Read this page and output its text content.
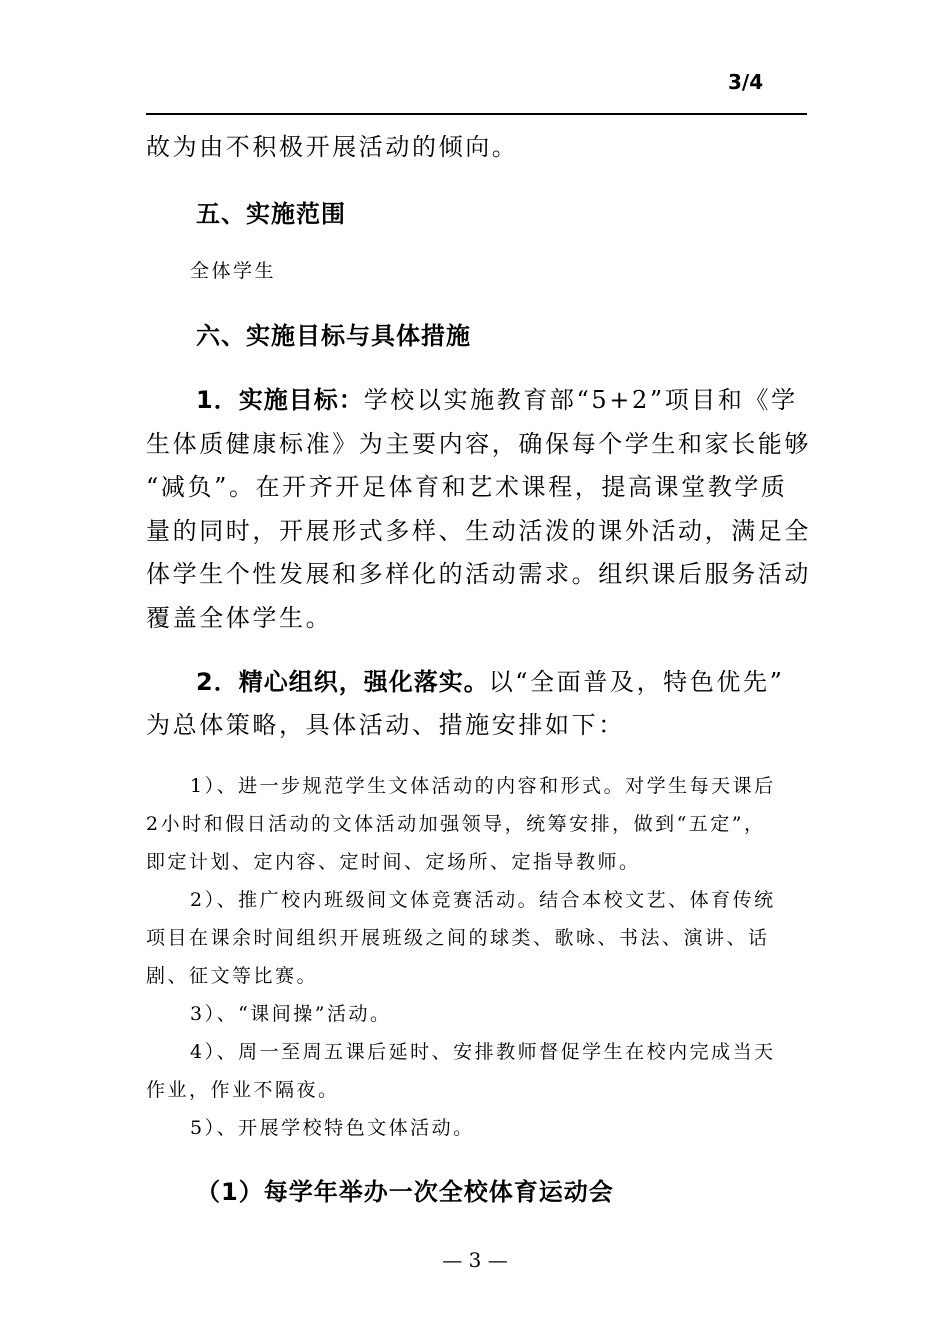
3/4
故为由不积极开展活动的倾向。
五、实施范围
全体学生
六、实施目标与具体措施
1．实施目标：学校以实施教育部“5+2”项目和《学
生体质健康标准》为主要内容，确保每个学生和家长能够
“减负”。在开齐开足体育和艺术课程，提高课堂教学质
量的同时，开展形式多样、生动活泼的课外活动，满足全
体学生个性发展和多样化的活动需求。组织课后服务活动
覆盖全体学生。
2．精心组织，强化落实。以“全面普及，特色优先”
为总体策略，具体活动、措施安排如下：
1）、进一步规范学生文体活动的内容和形式。对学生每天课后
2小时和假日活动的文体活动加强领导，统筹安排，做到“五定”，
即定计划、定内容、定时间、定场所、定指导教师。
2）、推广校内班级间文体竞赛活动。结合本校文艺、体育传统
项目在课余时间组织开展班级之间的球类、歌咏、书法、演讲、话
剧、征文等比赛。
3）、“课间操”活动。
4）、周一至周五课后延时、安排教师督促学生在校内完成当天
作业，作业不隔夜。
5）、开展学校特色文体活动。
（1）每学年举办一次全校体育运动会
— 3 —
